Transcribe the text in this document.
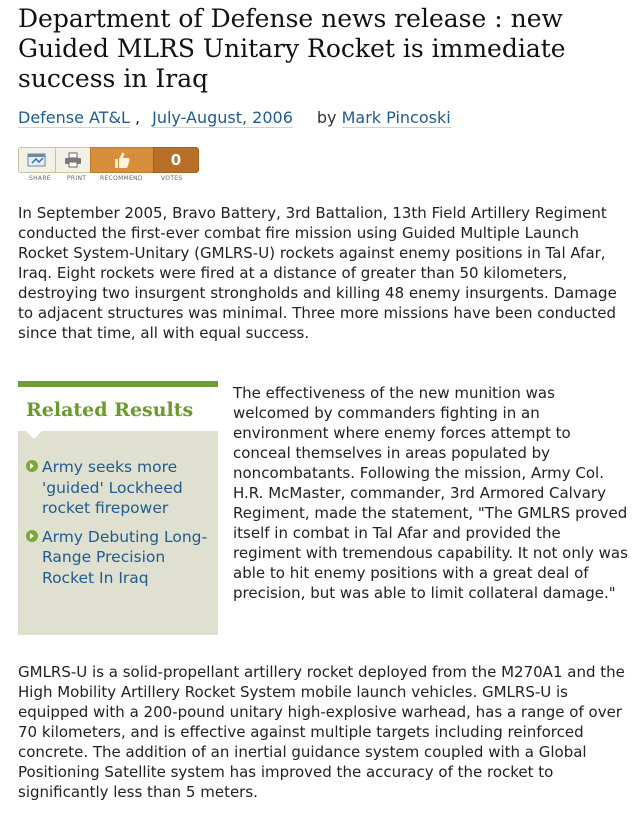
Department of Defense news release : new Guided MLRS Unitary Rocket is immediate success in Iraq
Defense AT&L , July-August, 2006 by Mark Pincoski
0
SHARE	PRINT RECOMMEND	VOTES

In September 2005, Bravo Battery, 3rd Battalion, 13th Field Artillery Regiment conducted the first-ever combat fire mission using Guided Multiple Launch Rocket System-Unitary (GMLRS-U) rockets against enemy positions in Tal Afar, Iraq. Eight rockets were fired at a distance of greater than 50 kilometers, destroying two insurgent strongholds and killing 48 enemy insurgents. Damage to adjacent structures was minimal. Three more missions have been conducted since that time, all with equal success.

Related Results
Army seeks more 'guided' Lockheed rocket firepower
Army Debuting Long-Range Precision Rocket In Iraq

The effectiveness of the new munition was welcomed by commanders fighting in an environment where enemy forces attempt to conceal themselves in areas populated by noncombatants. Following the mission, Army Col. H.R. McMaster, commander, 3rd Armored Calvary Regiment, made the statement, "The GMLRS proved itself in combat in Tal Afar and provided the regiment with tremendous capability. It not only was able to hit enemy positions with a great deal of precision, but was able to limit collateral damage."

GMLRS-U is a solid-propellant artillery rocket deployed from the M270A1 and the High Mobility Artillery Rocket System mobile launch vehicles. GMLRS-U is equipped with a 200-pound unitary high-explosive warhead, has a range of over 70 kilometers, and is effective against multiple targets including reinforced concrete. The addition of an inertial guidance system coupled with a Global Positioning Satellite system has improved the accuracy of the rocket to significantly less than 5 meters.
